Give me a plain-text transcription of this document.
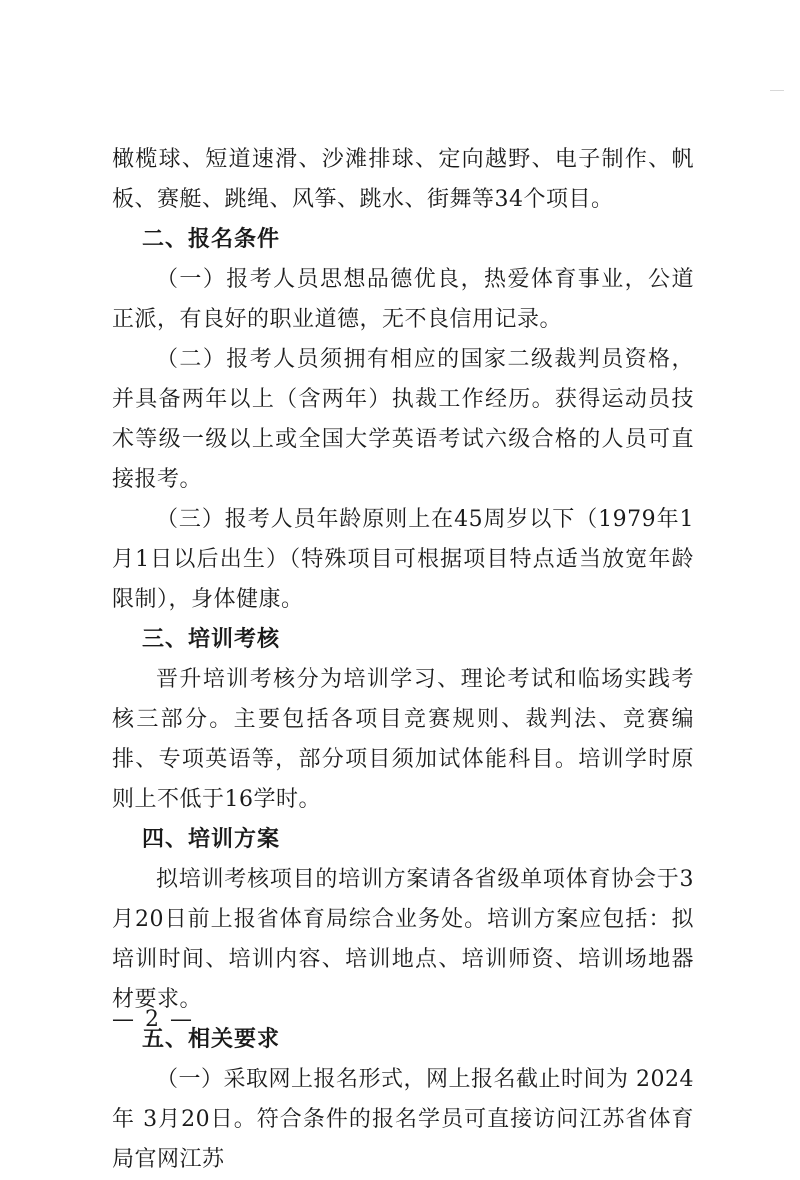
橄榄球、短道速滑、沙滩排球、定向越野、电子制作、帆板、赛艇、跳绳、风筝、跳水、街舞等34个项目。

二、报名条件

（一）报考人员思想品德优良，热爱体育事业，公道正派，有良好的职业道德，无不良信用记录。

（二）报考人员须拥有相应的国家二级裁判员资格，并具备两年以上（含两年）执裁工作经历。获得运动员技术等级一级以上或全国大学英语考试六级合格的人员可直接报考。

（三）报考人员年龄原则上在45周岁以下（1979年1月1日以后出生）（特殊项目可根据项目特点适当放宽年龄限制），身体健康。

三、培训考核

晋升培训考核分为培训学习、理论考试和临场实践考核三部分。主要包括各项目竞赛规则、裁判法、竞赛编排、专项英语等，部分项目须加试体能科目。培训学时原则上不低于16学时。

四、培训方案

拟培训考核项目的培训方案请各省级单项体育协会于3月20日前上报省体育局综合业务处。培训方案应包括：拟培训时间、培训内容、培训地点、培训师资、培训场地器材要求。

五、相关要求

（一）采取网上报名形式，网上报名截止时间为 2024 年 3月20日。符合条件的报名学员可直接访问江苏省体育局官网江苏

— 2 —
